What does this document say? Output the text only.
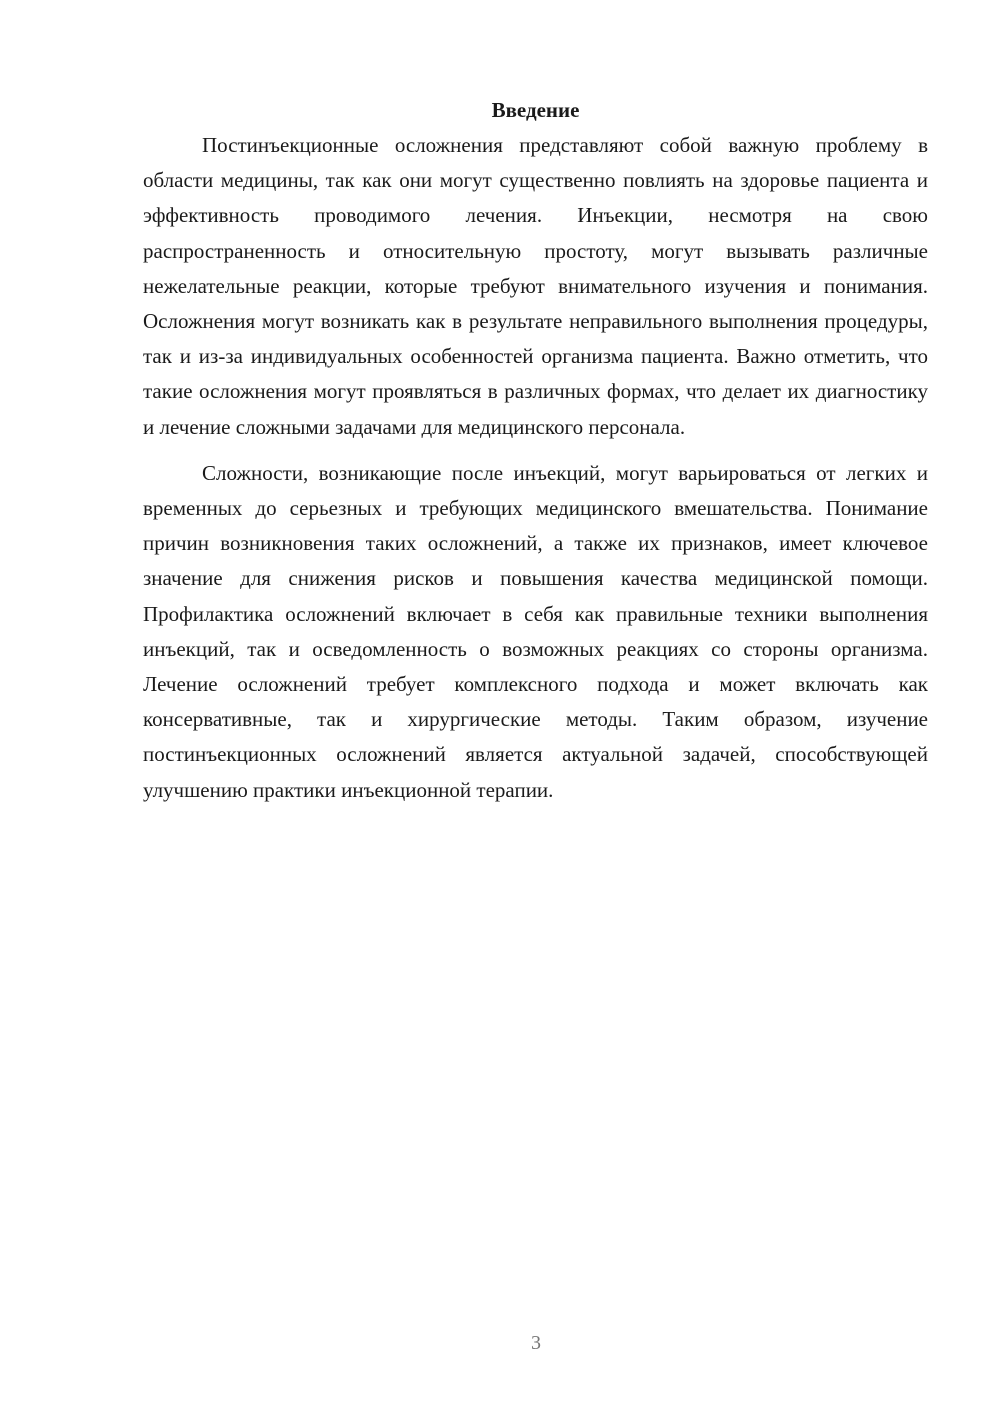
Введение

Постинъекционные осложнения представляют собой важную проблему в области медицины, так как они могут существенно повлиять на здоровье пациента и эффективность проводимого лечения. Инъекции, несмотря на свою распространенность и относительную простоту, могут вызывать различные нежелательные реакции, которые требуют внимательного изучения и понимания. Осложнения могут возникать как в результате неправильного выполнения процедуры, так и из-за индивидуальных особенностей организма пациента. Важно отметить, что такие осложнения могут проявляться в различных формах, что делает их диагностику и лечение сложными задачами для медицинского персонала.

Сложности, возникающие после инъекций, могут варьироваться от легких и временных до серьезных и требующих медицинского вмешательства. Понимание причин возникновения таких осложнений, а также их признаков, имеет ключевое значение для снижения рисков и повышения качества медицинской помощи. Профилактика осложнений включает в себя как правильные техники выполнения инъекций, так и осведомленность о возможных реакциях со стороны организма. Лечение осложнений требует комплексного подхода и может включать как консервативные, так и хирургические методы. Таким образом, изучение постинъекционных осложнений является актуальной задачей, способствующей улучшению практики инъекционной терапии.

3
